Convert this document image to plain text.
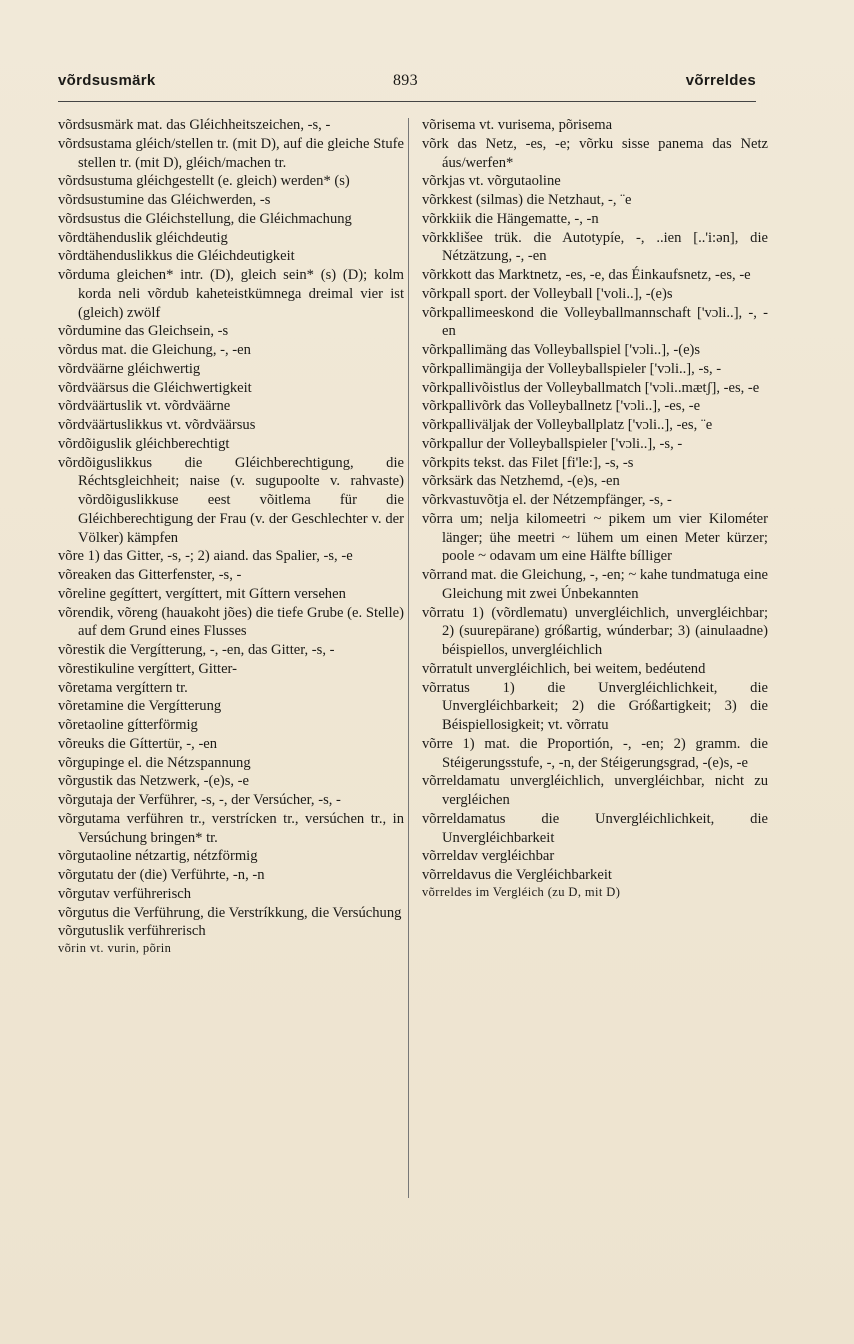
võrdsusmärk	893	võrreldes

võrdsusmärk mat. das Gléichheitszeichen, -s, -

võrdsustama gléich/stellen tr. (mit D), auf die gleiche Stufe stellen tr. (mit D), gléich/machen tr.

võrdsustuma gléichgestellt (e. gleich) werden* (s)

võrdsustumine das Gléichwerden, -s

võrdsustus die Gléichstellung, die Gléichmachung

võrdtähenduslik gléichdeutig

võrdtähenduslikkus die Gléichdeutigkeit

võrduma gleichen* intr. (D), gleich sein* (s) (D); kolm korda neli võrdub kaheteistkümnega dreimal vier ist (gleich) zwölf

võrdumine das Gleichsein, -s

võrdus mat. die Gleichung, -, -en

võrdväärne gléichwertig

võrdväärsus die Gléichwertigkeit

võrdväärtuslik vt. võrdväärne

võrdväärtuslikkus vt. võrdväärsus

võrdõiguslik gléichberechtigt

võrdõiguslikkus die Gléichberechtigung, die Réchtsgleichheit; naise (v. sugupoolte v. rahvaste) võrdõiguslikkuse eest võitlema für die Gléichberechtigung der Frau (v. der Geschlechter v. der Völker) kämpfen

võre 1) das Gitter, -s, -; 2) aiand. das Spalier, -s, -e

võreaken das Gitterfenster, -s, -

võreline gegíttert, vergíttert, mit Gíttern versehen

võrendik, võreng (hauakoht jões) die tiefe Grube (e. Stelle) auf dem Grund eines Flusses

võrestik die Vergítterung, -, -en, das Gitter, -s, -

võrestikuline vergíttert, Gitter-

võretama vergíttern tr.

võretamine die Vergítterung

võretaoline gítterförmig

võreuks die Gíttertür, -, -en

võrgupinge el. die Nétzspannung

võrgustik das Netzwerk, -(e)s, -e

võrgutaja der Verführer, -s, -, der Versúcher, -s, -

võrgutama verführen tr., verstrícken tr., versúchen tr., in Versúchung bringen* tr.

võrgutaoline nétzartig, nétzförmig

võrgutatu der (die) Verführte, -n, -n

võrgutav verführerisch

võrgutus die Verführung, die Verstríkkung, die Versúchung

võrgutuslik verführerisch

võrin vt. vurin, põrin

võrisema vt. vurisema, põrisema

võrk das Netz, -es, -e; võrku sisse panema das Netz áus/werfen*

võrkjas vt. võrgutaoline

võrkkest (silmas) die Netzhaut, -, ¨e

võrkkiik die Hängematte, -, -n

võrkklišee trük. die Autotypíe, -, ..ien [..'i:ən], die Nétzätzung, -, -en

võrkkott das Marktnetz, -es, -e, das Éinkaufsnetz, -es, -e

võrkpall sport. der Volleyball ['voli..], -(e)s

võrkpallimeeskond die Volleyballmannschaft ['vɔli..], -, -en

võrkpallimäng das Volleyballspiel ['vɔli..], -(e)s

võrkpallimängija der Volleyballspieler ['vɔli..], -s, -

võrkpallivõistlus der Volleyballmatch ['vɔli..mætʃ], -es, -e

võrkpallivõrk das Volleyballnetz ['vɔli..], -es, -e

võrkpalliväljak der Volleyballplatz ['vɔli..], -es, ¨e

võrkpallur der Volleyballspieler ['vɔli..], -s, -

võrkpits tekst. das Filet [fi'le:], -s, -s

võrksärk das Netzhemd, -(e)s, -en

võrkvastuvõtja el. der Nétzempfänger, -s, -

võrra um; nelja kilomeetri ~ pikem um vier Kilométer länger; ühe meetri ~ lühem um einen Meter kürzer; poole ~ odavam um eine Hälfte bílliger

võrrand mat. die Gleichung, -, -en; ~ kahe tundmatuga eine Gleichung mit zwei Únbekannten

võrratu 1) (võrdlematu) unvergléichlich, unvergléichbar; 2) (suurepärane) gróßartig, wúnderbar; 3) (ainulaadne) béispiellos, unvergléichlich

võrratult unvergléichlich, bei weitem, bedéutend

võrratus 1) die Unvergléichlichkeit, die Unvergléichbarkeit; 2) die Gróßartigkeit; 3) die Béispiellosigkeit; vt. võrratu

võrre 1) mat. die Proportión, -, -en; 2) gramm. die Stéigerungsstufe, -, -n, der Stéigerungsgrad, -(e)s, -e

võrreldamatu unvergléichlich, unvergléichbar, nicht zu vergléichen

võrreldamatus die Unvergléichlichkeit, die Unvergléichbarkeit

võrreldav vergléichbar

võrreldavus die Vergléichbarkeit

võrreldes im Vergléich (zu D, mit D)
